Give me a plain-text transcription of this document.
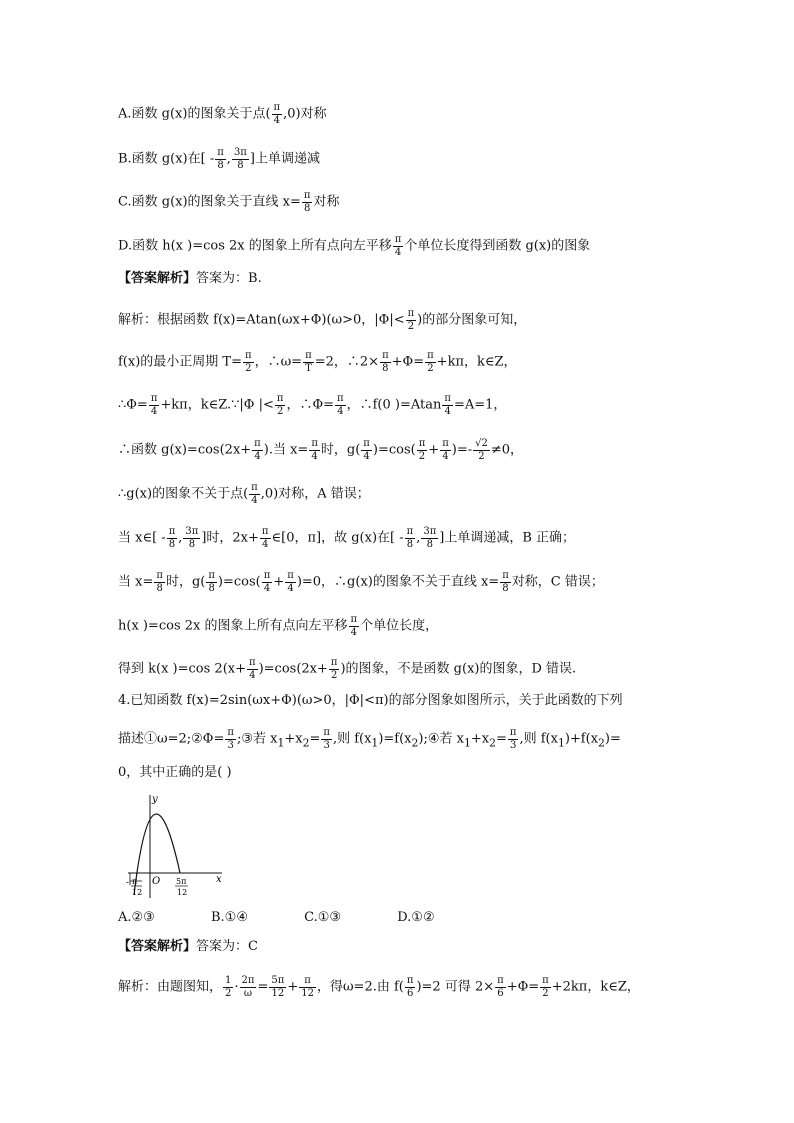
A.函数 g(x)的图象关于点( $\frac{\pi}{4} ,0$)对称
B.函数 g(x)在[ - $\frac{\pi}{8}$ , $\frac{3\pi}{8}$ ]上单调递减
C.函数 g(x)的图象关于直线 $x= \frac{\pi}{8}$ 对称
D.函数 h(x )=cos 2x 的图象上所有点向左平移 $\frac{\pi}{4}$ 个单位长度得到函数 g(x)的图象
【答案解析】答案为：B.
解析：根据函数 f(x)=Atan(ωx+Φ)(ω>0，$|\Phi|< \frac{\pi}{2}$ )的部分图象可知，
f(x)的最小正周期 $T= \frac{\pi}{2}$ ，∴ω= $\frac{\pi}{T} =2$，∴2× $\frac{\pi}{8} +\Phi= \frac{\pi}{2} +k\pi$，k∈Z，
∴Φ= $\frac{\pi}{4} +k\pi$，k∈Z.∵|Φ |< $\frac{\pi}{2}$ ，∴Φ= $\frac{\pi}{4}$ ，∴f(0 )$=Atan \frac{\pi}{4} =A=1$，
∴函数 $g(x)=\cos(2x+ \frac{\pi}{4}$ ).当 $x= \frac{\pi}{4}$ 时，$g( \frac{\pi}{4} )=\cos( \frac{\pi}{2} + \frac{\pi}{4}$ )=- $\frac{√2}{2} \ne 0$，
∴g(x)的图象不关于点( $\frac{\pi}{4} ,0$)对称，A 错误；
当 x∈[ - $\frac{\pi}{8}$ , $\frac{3\pi}{8}$ ]时，$2x+ \frac{\pi}{4}$ ∈[0，π]，故 g(x)在[ - $\frac{\pi}{8}$ , $\frac{3\pi}{8}$ ]上单调递减，B 正确；
当 $x= \frac{\pi}{8}$ 时，$g( \frac{\pi}{8} )=\cos( \frac{\pi}{4} + \frac{\pi}{4} )=0$，∴g(x)的图象不关于直线 $x= \frac{\pi}{8}$ 对称，C 错误；
h(x )=cos 2x 的图象上所有点向左平移 $\frac{\pi}{4}$ 个单位长度，
得到 k(x )=cos $2(x+ \frac{\pi}{4} )=\cos(2x+ \frac{\pi}{2}$ )的图象，不是函数 g(x)的图象，D 错误.
4.已知函数 f(x)=2sin(ωx+Φ)(ω>0，|Φ|<π)的部分图象如图所示，关于此函数的下列
描述①ω=2;②Φ= $\frac{\pi}{3}$ ;③若 $x_1+x_2= \frac{\pi}{3}$ ,则 $f(x_1)=f(x_2);④$若 $x_1+x_2= \frac{\pi}{3}$ ,则 $f(x_1)+f(x_2)=$
0，其中正确的是( )
y
x
O
- π
12
5π
12
A.②③	B.①④	C.①③	D.①②
【答案解析】答案为：C
解析：由题图知， $\frac{1}{2} \cdot \frac{2\pi}{\omega} = \frac{5\pi}{12} + \frac{\pi}{12}$ ，得ω=2.由 $f( \frac{\pi}{6} )=2$ 可得 $2\times \frac{\pi}{6} +\Phi= \frac{\pi}{2} +2k\pi$，k∈Z，
